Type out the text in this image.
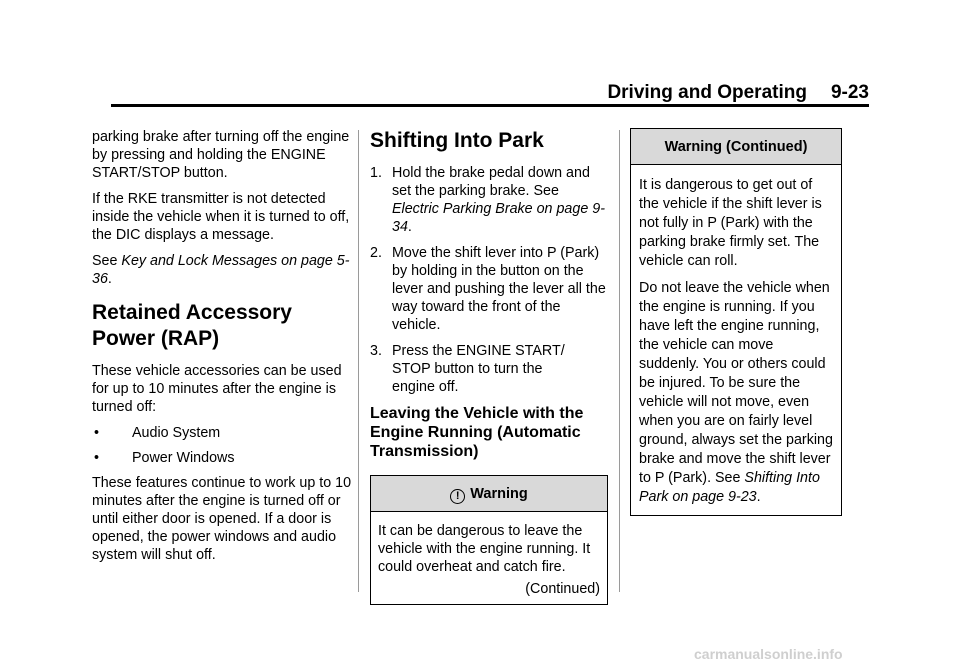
Driving and Operating 9-23
parking brake after turning off the engine by pressing and holding the ENGINE START/STOP button.
If the RKE transmitter is not detected inside the vehicle when it is turned to off, the DIC displays a message.
See Key and Lock Messages on page 5-36.
Retained Accessory Power (RAP)
These vehicle accessories can be used for up to 10 minutes after the engine is turned off:
•	Audio System
•	Power Windows
These features continue to work up to 10 minutes after the engine is turned off or until either door is opened. If a door is opened, the power windows and audio system will shut off.
Shifting Into Park
1. Hold the brake pedal down and set the parking brake. See Electric Parking Brake on page 9-34.
2. Move the shift lever into P (Park) by holding in the button on the lever and pushing the lever all the way toward the front of the vehicle.
3. Press the ENGINE START/ STOP button to turn the engine off.
Leaving the Vehicle with the Engine Running (Automatic Transmission)
! Warning
It can be dangerous to leave the vehicle with the engine running. It could overheat and catch fire.
(Continued)
Warning (Continued)
It is dangerous to get out of the vehicle if the shift lever is not fully in P (Park) with the parking brake firmly set. The vehicle can roll.
Do not leave the vehicle when the engine is running. If you have left the engine running, the vehicle can move suddenly. You or others could be injured. To be sure the vehicle will not move, even when you are on fairly level ground, always set the parking brake and move the shift lever to P (Park). See Shifting Into Park on page 9-23.
carmanualsonline.info
